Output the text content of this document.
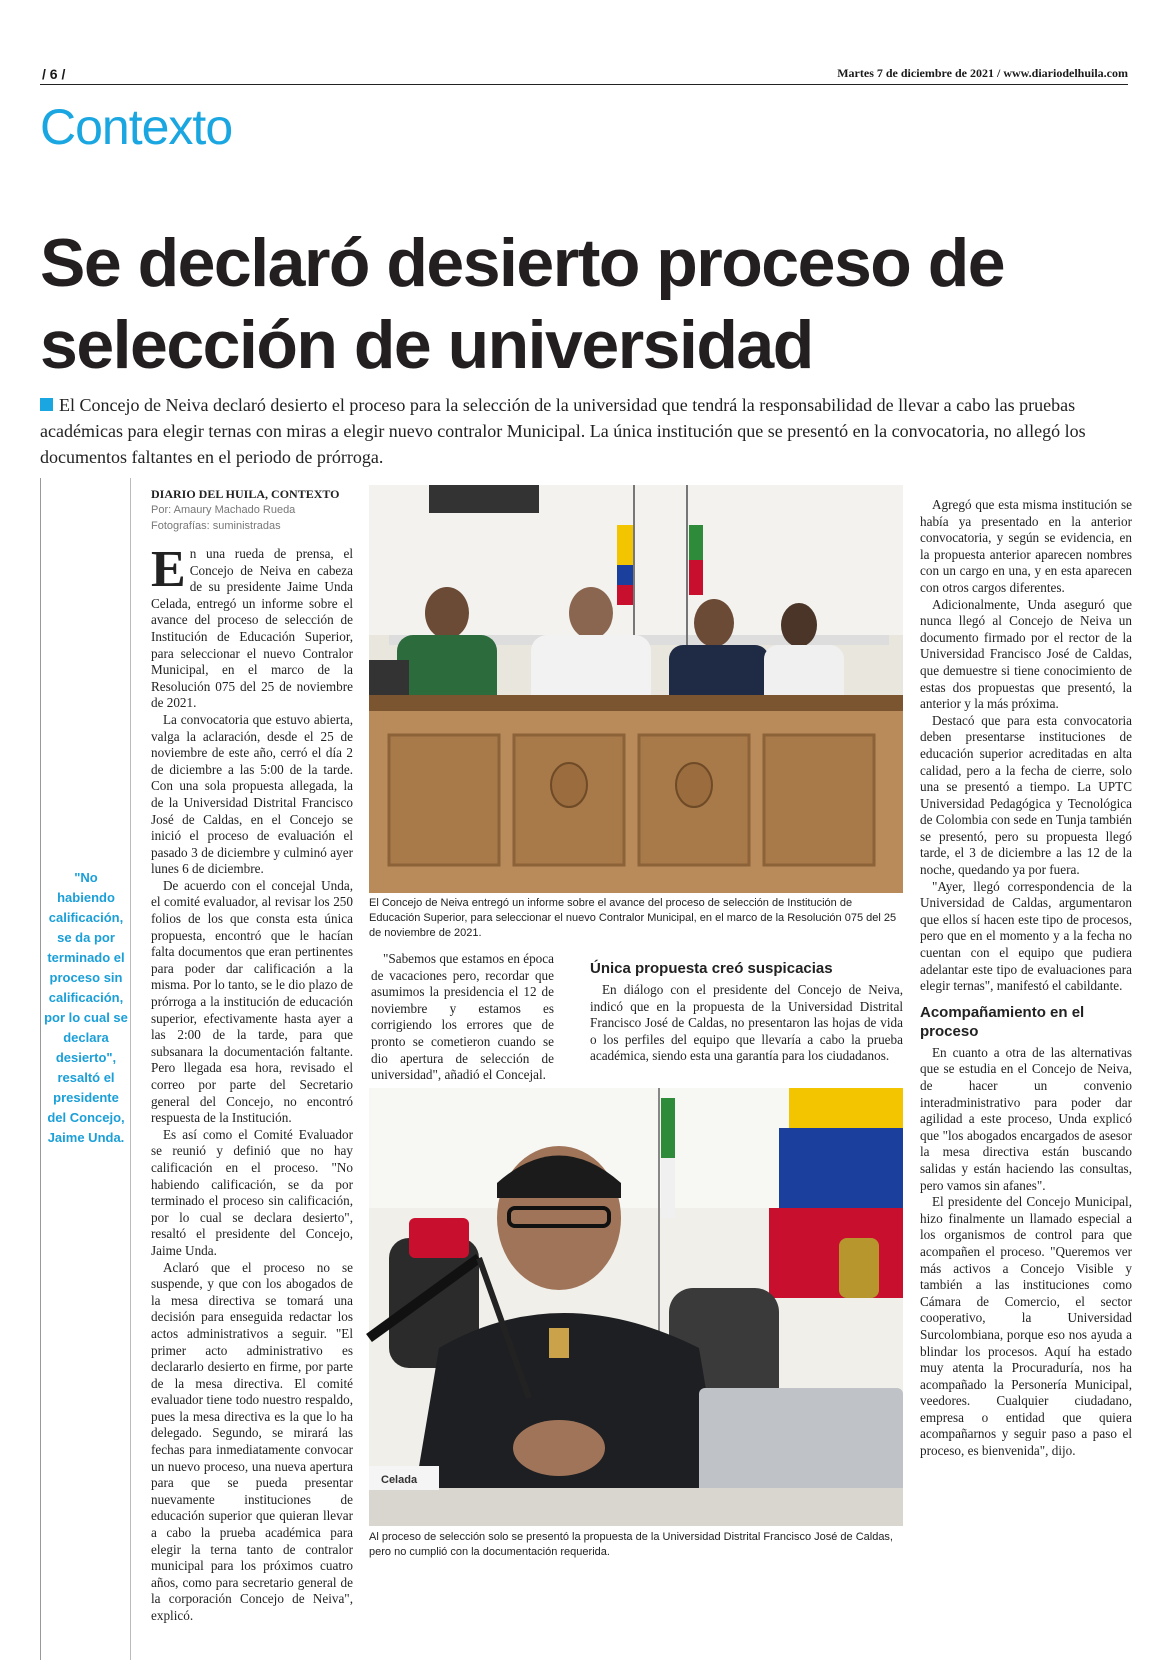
/ 6 /	Martes 7 de diciembre de 2021 / www.diariodelhuila.com
Contexto
Se declaró desierto proceso de selección de universidad

El Concejo de Neiva declaró desierto el proceso para la selección de la universidad que tendrá la responsabilidad de llevar a cabo las pruebas académicas para elegir ternas con miras a elegir nuevo contralor Municipal. La única institución que se presentó en la convocatoria, no allegó los documentos faltantes en el periodo de prórroga.

"No habiendo calificación, se da por terminado el proceso sin calificación, por lo cual se declara desierto", resaltó el presidente del Concejo, Jaime Unda.
DIARIO DEL HUILA, CONTEXTO
Por: Amaury Machado Rueda
Fotografías: suministradas

En una rueda de prensa, el Concejo de Neiva en cabeza de su presidente Jaime Unda Celada, entregó un informe sobre el avance del proceso de selección de Institución de Educación Superior, para seleccionar el nuevo Contralor Municipal, en el marco de la Resolución 075 del 25 de noviembre de 2021.

La convocatoria que estuvo abierta, valga la aclaración, desde el 25 de noviembre de este año, cerró el día 2 de diciembre a las 5:00 de la tarde. Con una sola propuesta allegada, la de la Universidad Distrital Francisco José de Caldas, en el Concejo se inició el proceso de evaluación el pasado 3 de diciembre y culminó ayer lunes 6 de diciembre.

De acuerdo con el concejal Unda, el comité evaluador, al revisar los 250 folios de los que consta esta única propuesta, encontró que le hacían falta documentos que eran pertinentes para poder dar calificación a la misma. Por lo tanto, se le dio plazo de prórroga a la institución de educación superior, efectivamente hasta ayer a las 2:00 de la tarde, para que subsanara la documentación faltante. Pero llegada esa hora, revisado el correo por parte del Secretario general del Concejo, no encontró respuesta de la Institución.

Es así como el Comité Evaluador se reunió y definió que no hay calificación en el proceso. "No habiendo calificación, se da por terminado el proceso sin calificación, por lo cual se declara desierto", resaltó el presidente del Concejo, Jaime Unda.

Aclaró que el proceso no se suspende, y que con los abogados de la mesa directiva se tomará una decisión para enseguida redactar los actos administrativos a seguir. "El primer acto administrativo es declararlo desierto en firme, por parte de la mesa directiva. El comité evaluador tiene todo nuestro respaldo, pues la mesa directiva es la que lo ha delegado. Segundo, se mirará las fechas para inmediatamente convocar un nuevo proceso, una nueva apertura para que se pueda presentar nuevamente instituciones de educación superior que quieran llevar a cabo la prueba académica para elegir la terna tanto de contralor municipal para los próximos cuatro años, como para secretario general de la corporación Concejo de Neiva", explicó.

El Concejo de Neiva entregó un informe sobre el avance del proceso de selección de Institución de Educación Superior, para seleccionar el nuevo Contralor Municipal, en el marco de la Resolución 075 del 25 de noviembre de 2021.

"Sabemos que estamos en época de vacaciones pero, recordar que asumimos la presidencia el 12 de noviembre y estamos es corrigiendo los errores que de pronto se cometieron cuando se dio apertura de selección de universidad", añadió el Concejal.

Única propuesta creó suspicacias

En diálogo con el presidente del Concejo de Neiva, indicó que en la propuesta de la Universidad Distrital Francisco José de Caldas, no presentaron las hojas de vida o los perfiles del equipo que llevaría a cabo la prueba académica, siendo esta una garantía para los ciudadanos.

Celada
Al proceso de selección solo se presentó la propuesta de la Universidad Distrital Francisco José de Caldas, pero no cumplió con la documentación requerida.

Agregó que esta misma institución se había ya presentado en la anterior convocatoria, y según se evidencia, en la propuesta anterior aparecen nombres con un cargo en una, y en esta aparecen con otros cargos diferentes.

Adicionalmente, Unda aseguró que nunca llegó al Concejo de Neiva un documento firmado por el rector de la Universidad Francisco José de Caldas, que demuestre si tiene conocimiento de estas dos propuestas que presentó, la anterior y la más próxima.

Destacó que para esta convocatoria deben presentarse instituciones de educación superior acreditadas en alta calidad, pero a la fecha de cierre, solo una se presentó a tiempo. La UPTC Universidad Pedagógica y Tecnológica de Colombia con sede en Tunja también se presentó, pero su propuesta llegó tarde, el 3 de diciembre a las 12 de la noche, quedando ya por fuera.

"Ayer, llegó correspondencia de la Universidad de Caldas, argumentaron que ellos sí hacen este tipo de procesos, pero que en el momento y a la fecha no cuentan con el equipo que pudiera adelantar este tipo de evaluaciones para elegir ternas", manifestó el cabildante.

Acompañamiento en el proceso

En cuanto a otra de las alternativas que se estudia en el Concejo de Neiva, de hacer un convenio interadministrativo para poder dar agilidad a este proceso, Unda explicó que "los abogados encargados de asesor la mesa directiva están buscando salidas y están haciendo las consultas, pero vamos sin afanes".

El presidente del Concejo Municipal, hizo finalmente un llamado especial a los organismos de control para que acompañen el proceso. "Queremos ver más activos a Concejo Visible y también a las instituciones como Cámara de Comercio, el sector cooperativo, la Universidad Surcolombiana, porque eso nos ayuda a blindar los procesos. Aquí ha estado muy atenta la Procuraduría, nos ha acompañado la Personería Municipal, veedores. Cualquier ciudadano, empresa o entidad que quiera acompañarnos y seguir paso a paso el proceso, es bienvenida", dijo.
